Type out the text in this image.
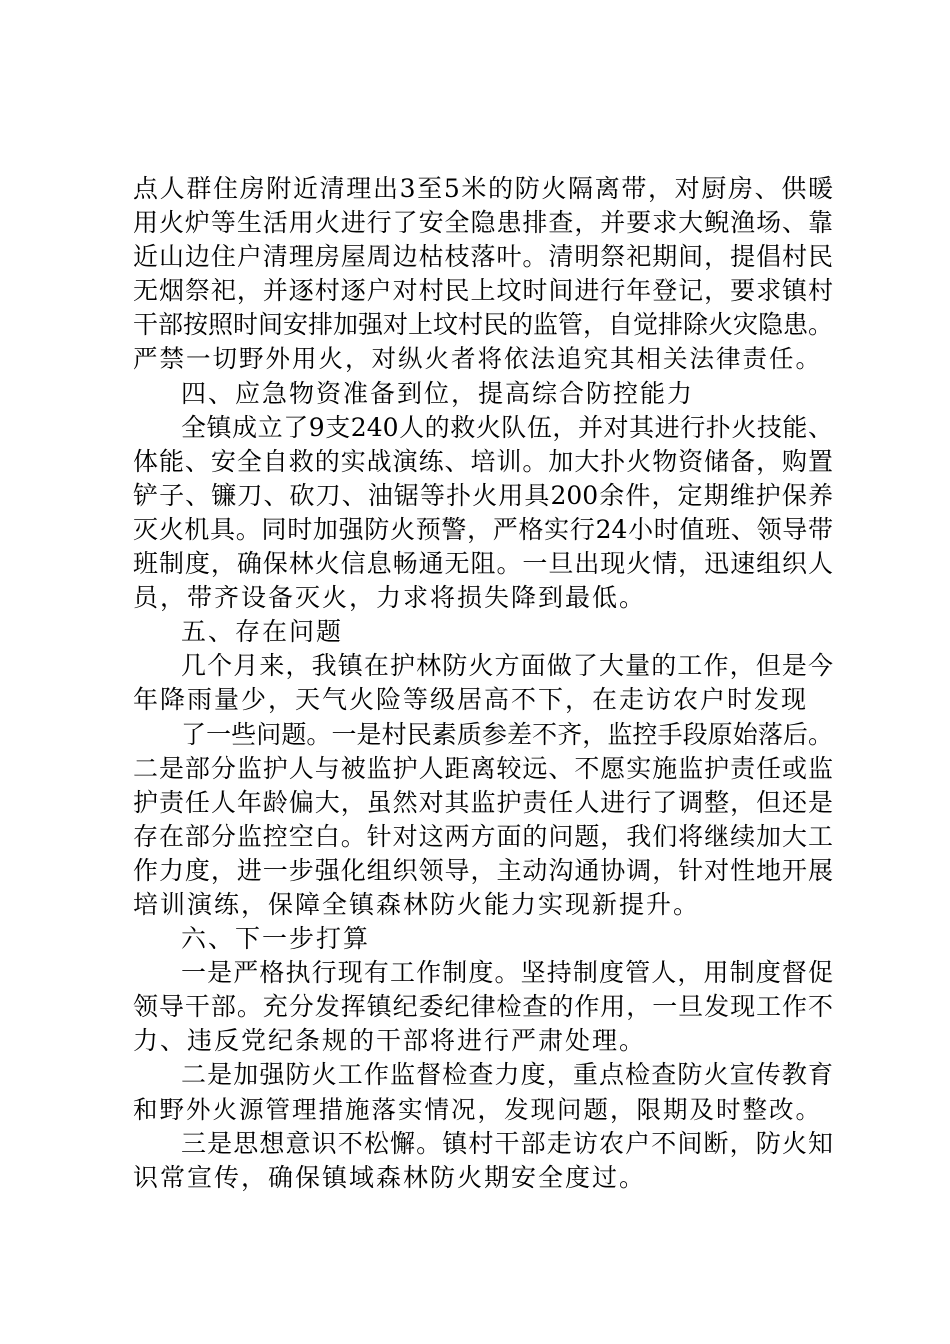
点人群住房附近清理出3至5米的防火隔离带，对厨房、供暖
用火炉等生活用火进行了安全隐患排查，并要求大鲵渔场、靠
近山边住户清理房屋周边枯枝落叶。清明祭祀期间，提倡村民
无烟祭祀，并逐村逐户对村民上坟时间进行年登记，要求镇村
干部按照时间安排加强对上坟村民的监管，自觉排除火灾隐患。
严禁一切野外用火，对纵火者将依法追究其相关法律责任。
四、应急物资准备到位，提高综合防控能力
全镇成立了9支240人的救火队伍，并对其进行扑火技能、
体能、安全自救的实战演练、培训。加大扑火物资储备，购置
铲子、镰刀、砍刀、油锯等扑火用具200余件，定期维护保养
灭火机具。同时加强防火预警，严格实行24小时值班、领导带
班制度，确保林火信息畅通无阻。一旦出现火情，迅速组织人
员，带齐设备灭火，力求将损失降到最低。
五、存在问题
几个月来，我镇在护林防火方面做了大量的工作，但是今
年降雨量少，天气火险等级居高不下，在走访农户时发现
了一些问题。一是村民素质参差不齐，监控手段原始落后。
二是部分监护人与被监护人距离较远、不愿实施监护责任或监
护责任人年龄偏大，虽然对其监护责任人进行了调整，但还是
存在部分监控空白。针对这两方面的问题，我们将继续加大工
作力度，进一步强化组织领导，主动沟通协调，针对性地开展
培训演练，保障全镇森林防火能力实现新提升。
六、下一步打算
一是严格执行现有工作制度。坚持制度管人，用制度督促
领导干部。充分发挥镇纪委纪律检查的作用，一旦发现工作不
力、违反党纪条规的干部将进行严肃处理。
二是加强防火工作监督检查力度，重点检查防火宣传教育
和野外火源管理措施落实情况，发现问题，限期及时整改。
三是思想意识不松懈。镇村干部走访农户不间断，防火知
识常宣传，确保镇域森林防火期安全度过。
